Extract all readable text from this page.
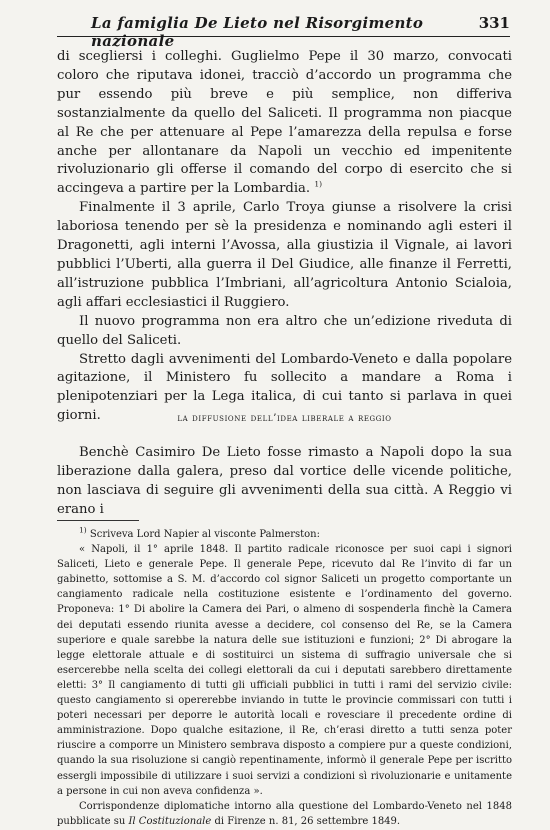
La famiglia De Lieto nel Risorgimento nazionale
331

di scegliersi i colleghi. Guglielmo Pepe il 30 marzo, convocati coloro che riputava idonei, tracciò d’accordo un programma che pur essendo più breve e più semplice, non differiva sostanzialmente da quello del Saliceti. Il programma non piacque al Re che per attenuare al Pepe l’amarezza della repulsa e forse anche per allontanare da Napoli un vecchio ed impenitente rivoluzionario gli offerse il comando del corpo di esercito che si accingeva a partire per la Lombardia. $^{1)}$

Finalmente il 3 aprile, Carlo Troya giunse a risolvere la crisi laboriosa tenendo per sè la presidenza e nominando agli esteri il Dragonetti, agli interni l’Avossa, alla giustizia il Vignale, ai lavori pubblici l’Uberti, alla guerra il Del Giudice, alle finanze il Ferretti, all’istruzione pubblica l’Imbriani, all’agricoltura Antonio Scialoia, agli affari ecclesiastici il Ruggiero.

Il nuovo programma non era altro che un’edizione riveduta di quello del Saliceti.

Stretto dagli avvenimenti del Lombardo-Veneto e dalla popolare agitazione, il Ministero fu sollecito a mandare a Roma i plenipotenziari per la Lega italica, di cui tanto si parlava in quei giorni.	la diffusione dell’idea liberale a reggio

Benchè Casimiro De Lieto fosse rimasto a Napoli dopo la sua liberazione dalla galera, preso dal vortice delle vicende politiche, non lasciava di seguire gli avvenimenti della sua città. A Reggio vi erano i

$^{1)}$ Scriveva Lord Napier al visconte Palmerston:

« Napoli, il 1° aprile 1848. Il partito radicale riconosce per suoi capi i signori Saliceti, Lieto e generale Pepe. Il generale Pepe, ricevuto dal Re l’invito di far un gabinetto, sottomise a S. M. d’accordo col signor Saliceti un progetto comportante un cangiamento radicale nella costituzione esistente e l’ordinamento del governo. Proponeva: 1° Di abolire la Camera dei Pari, o almeno di sospenderla finchè la Camera dei deputati essendo riunita avesse a decidere, col consenso del Re, se la Camera superiore e quale sarebbe la natura delle sue istituzioni e funzioni; 2° Di abrogare la legge elettorale attuale e di sostituirci un sistema di suffragio universale che si esercerebbe nella scelta dei collegi elettorali da cui i deputati sarebbero direttamente eletti: 3° Il cangiamento di tutti gli ufficiali pubblici in tutti i rami del servizio civile: questo cangiamento si opererebbe inviando in tutte le provincie commissari con tutti i poteri necessari per deporre le autorità locali e rovesciare il precedente ordine di amministrazione. Dopo qualche esitazione, il Re, ch’erasi diretto a tutti senza poter riuscire a comporre un Ministero sembrava disposto a compiere pur a queste condizioni, quando la sua risoluzione si cangiò repentinamente, informò il generale Pepe per iscritto essergli impossibile di utilizzare i suoi servizi a condizioni sì rivoluzionarie e unitamente a persone in cui non aveva confidenza ».

Corrispondenze diplomatiche intorno alla questione del Lombardo-Veneto nel 1848 pubblicate su Il Costituzionale di Firenze n. 81, 26 settembre 1849.
